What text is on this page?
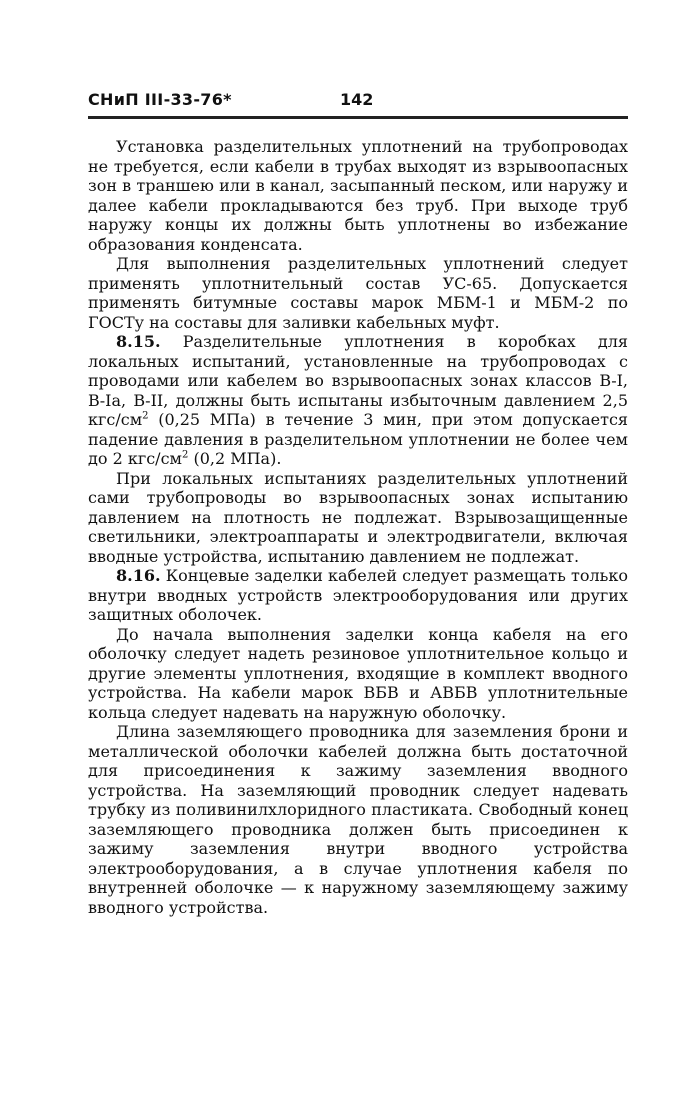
СНиП III-33-76*	142

Установка разделительных уплотнений на трубопроводах не требуется, если кабели в трубах выходят из взрывоопасных зон в траншею или в канал, засыпанный песком, или наружу и далее кабели прокладываются без труб. При выходе труб наружу концы их должны быть уплотнены во избежание образования конденсата.

Для выполнения разделительных уплотнений следует применять уплотнительный состав УС-65. Допускается применять битумные составы марок МБМ-1 и МБМ-2 по ГОСТу на составы для заливки кабельных муфт.

8.15. Разделительные уплотнения в коробках для локальных испытаний, установленные на трубопроводах с проводами или кабелем во взрывоопасных зонах классов В-I, В-Iа, В-II, должны быть испытаны избыточным давлением 2,5 кгс/$см^2$ (0,25 МПа) в течение 3 мин, при этом допускается падение давления в разделительном уплотнении не более чем до 2 кгс/$см^2$ (0,2 МПа).

При локальных испытаниях разделительных уплотнений сами трубопроводы во взрывоопасных зонах испытанию давлением на плотность не подлежат. Взрывозащищенные светильники, электроаппараты и электродвигатели, включая вводные устройства, испытанию давлением не подлежат.

8.16. Концевые заделки кабелей следует размещать только внутри вводных устройств электрооборудования или других защитных оболочек.

До начала выполнения заделки конца кабеля на его оболочку следует надеть резиновое уплотнительное кольцо и другие элементы уплотнения, входящие в комплект вводного устройства. На кабели марок ВБВ и АВБВ уплотнительные кольца следует надевать на наружную оболочку.

Длина заземляющего проводника для заземления брони и металлической оболочки кабелей должна быть достаточной для присоединения к зажиму заземления вводного устройства. На заземляющий проводник следует надевать трубку из поливинилхлоридного пластиката. Свободный конец заземляющего проводника должен быть присоединен к зажиму заземления внутри вводного устройства электрооборудования, а в случае уплотнения кабеля по внутренней оболочке — к наружному заземляющему зажиму вводного устройства.
